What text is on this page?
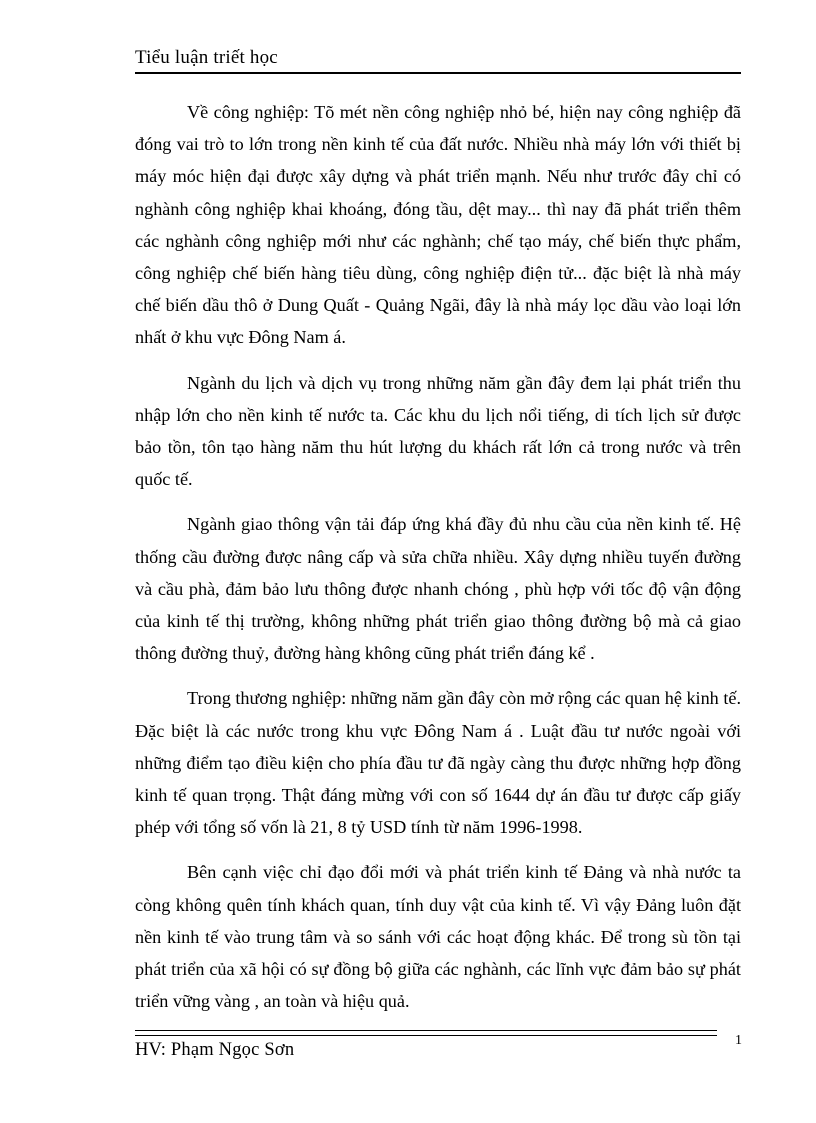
Tiểu luận triết học

Về công nghiệp: Tõ mét nền công nghiệp nhỏ bé, hiện nay công nghiệp đã đóng vai trò to lớn trong nền kinh tế của đất nước. Nhiều nhà máy lớn với thiết bị máy móc hiện đại được xây dựng và phát triển mạnh. Nếu như trước đây chỉ có nghành công nghiệp khai khoáng, đóng tầu, dệt may... thì nay đã phát triển thêm các nghành công nghiệp mới như các nghành; chế tạo máy, chế biến thực phẩm, công nghiệp chế biến hàng tiêu dùng, công nghiệp điện tử... đặc biệt là nhà máy chế biến dầu thô ở Dung Quất - Quảng Ngãi, đây là nhà máy lọc dầu vào loại lớn nhất ở khu vực Đông Nam á.

Ngành du lịch và dịch vụ trong những năm gần đây đem lại phát triển thu nhập lớn cho nền kinh tế nước ta. Các khu du lịch nổi tiếng, di tích lịch sử được bảo tồn, tôn tạo hàng năm thu hút lượng du khách rất lớn cả trong nước và trên quốc tế.

Ngành giao thông vận tải đáp ứng khá đầy đủ nhu cầu của nền kinh tế. Hệ thống cầu đường được nâng cấp và sửa chữa nhiều. Xây dựng nhiều tuyến đường và cầu phà, đảm bảo lưu thông được nhanh chóng , phù hợp với tốc độ vận động của kinh tế thị trường, không những phát triển giao thông đường bộ mà cả giao thông đường thuỷ, đường hàng không cũng phát triển đáng kể .

Trong thương nghiệp: những năm gần đây còn mở rộng các quan hệ kinh tế. Đặc biệt là các nước trong khu vực Đông Nam á . Luật đầu tư nước ngoài với những điểm tạo điều kiện cho phía đầu tư đã ngày càng thu được những hợp đồng kinh tế quan trọng. Thật đáng mừng với con số 1644 dự án đầu tư được cấp giấy phép với tổng số vốn là 21, 8 tỷ USD tính từ năm 1996-1998.

Bên cạnh việc chỉ đạo đổi mới và phát triển kinh tế Đảng và nhà nước ta còng không quên tính khách quan, tính duy vật của kinh tế. Vì vậy Đảng luôn đặt nền kinh tế vào trung tâm và so sánh với các hoạt động khác. Để trong sù tồn tại phát triển của xã hội có sự đồng bộ giữa các nghành, các lĩnh vực đảm bảo sự phát triển vững vàng , an toàn và hiệu quả.

1
HV: Phạm Ngọc Sơn
